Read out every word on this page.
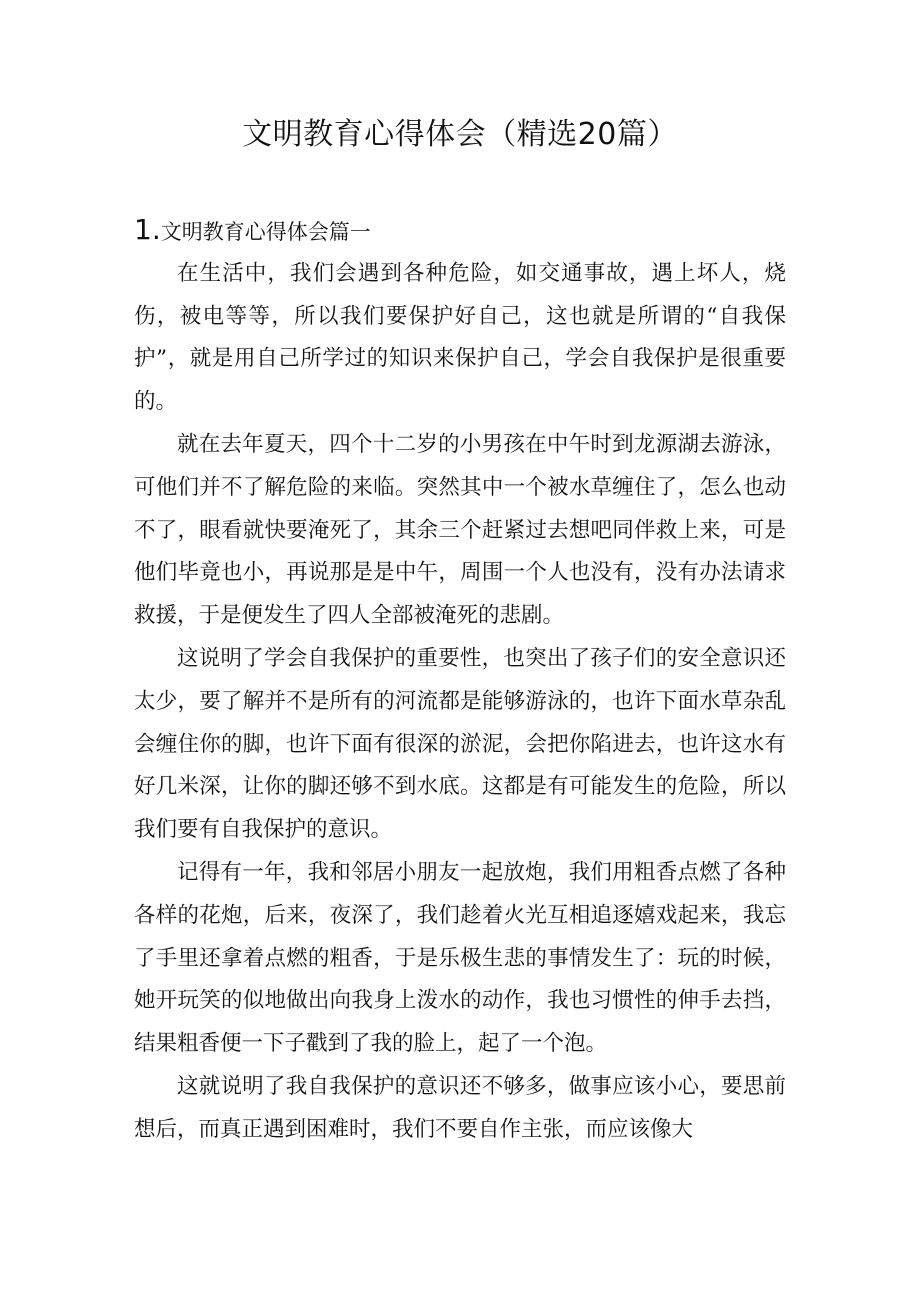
文明教育心得体会（精选20篇）
1.文明教育心得体会篇一

在生活中，我们会遇到各种危险，如交通事故，遇上坏人，烧伤，被电等等，所以我们要保护好自己，这也就是所谓的“自我保护”，就是用自己所学过的知识来保护自己，学会自我保护是很重要的。

就在去年夏天，四个十二岁的小男孩在中午时到龙源湖去游泳，可他们并不了解危险的来临。突然其中一个被水草缠住了，怎么也动不了，眼看就快要淹死了，其余三个赶紧过去想吧同伴救上来，可是他们毕竟也小，再说那是是中午，周围一个人也没有，没有办法请求救援，于是便发生了四人全部被淹死的悲剧。

这说明了学会自我保护的重要性，也突出了孩子们的安全意识还太少，要了解并不是所有的河流都是能够游泳的，也许下面水草杂乱会缠住你的脚，也许下面有很深的淤泥，会把你陷进去，也许这水有好几米深，让你的脚还够不到水底。这都是有可能发生的危险，所以我们要有自我保护的意识。

记得有一年，我和邻居小朋友一起放炮，我们用粗香点燃了各种各样的花炮，后来，夜深了，我们趁着火光互相追逐嬉戏起来，我忘了手里还拿着点燃的粗香，于是乐极生悲的事情发生了：玩的时候，她开玩笑的似地做出向我身上泼水的动作，我也习惯性的伸手去挡，结果粗香便一下子戳到了我的脸上，起了一个泡。

这就说明了我自我保护的意识还不够多，做事应该小心，要思前想后，而真正遇到困难时，我们不要自作主张，而应该像大
